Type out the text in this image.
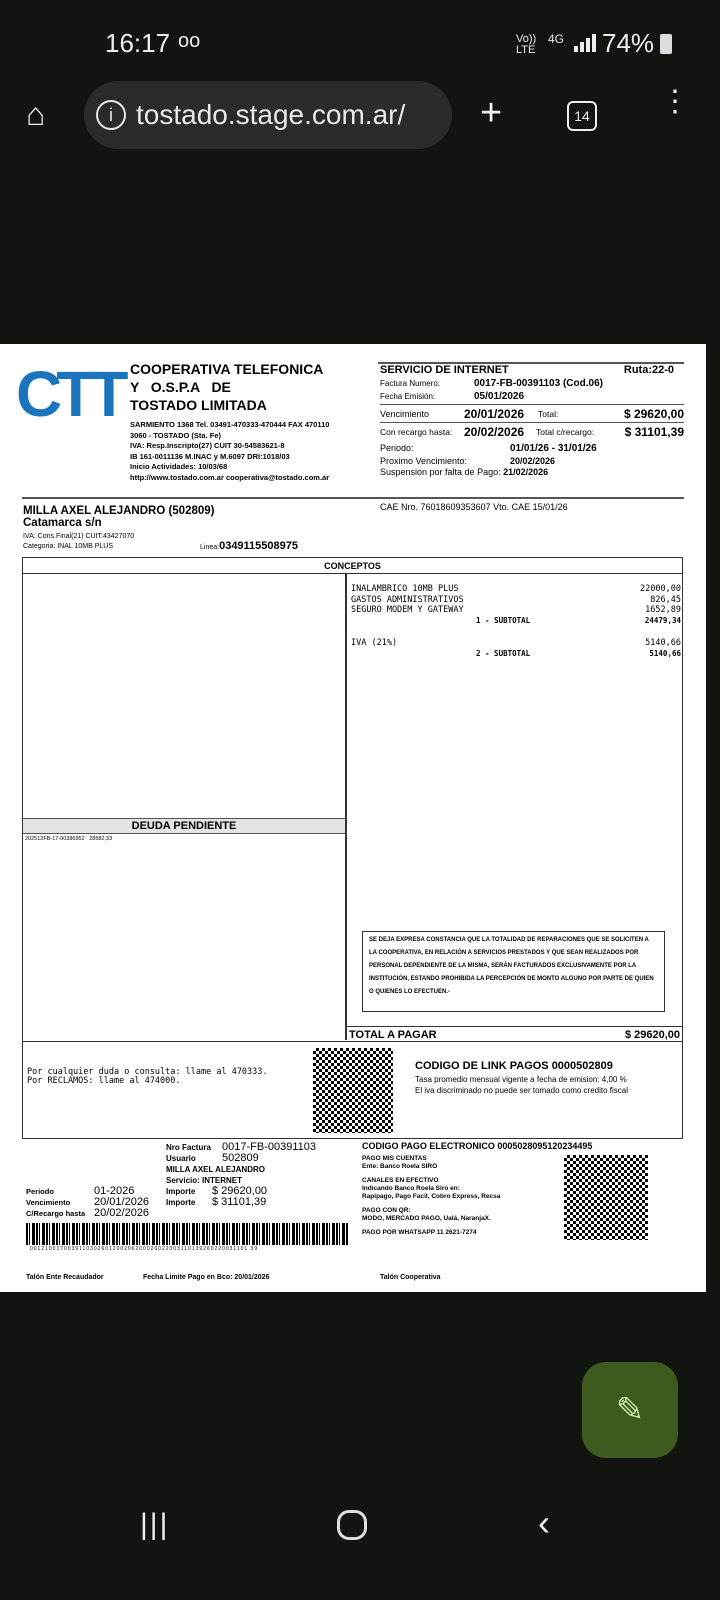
16:17 oo	Vo)) LTE
4G 74%
⌂	i tostado.stage.com.ar/ +	14 ⋮
CTT COOPERATIVA TELEFONICA
Y   O.S.P.A   DE
TOSTADO LIMITADA
SARMIENTO 1368 Tel. 03491-470333-470444 FAX 470110
3060 - TOSTADO (Sta. Fe)
IVA: Resp.Inscripto(27) CUIT 30-54583621-8
IB 161-0011136 M.INAC y M.6097 DRI:1018/03
Inicio Actividades: 10/03/68
http://www.tostado.com.ar cooperativa@tostado.com.ar
SERVICIO DE INTERNET	Ruta:22-0
Factura Numero:	0017-FB-00391103 (Cod.06)
Fecha Emisión:	05/01/2026
Vencimiento	20/01/2026	Total:	$ 29620,00
Con recargo hasta: 20/02/2026	Total c/recargo:	$ 31101,39
Periodo:	01/01/26 - 31/01/26
Proximo Vencimiento:	20/02/2026
Suspension por falta de Pago: 21/02/2026
CAE Nro. 76018609353607 Vto. CAE 15/01/26
MILLA AXEL ALEJANDRO (502809)
Catamarca s/n
IVA: Cons.Final(21) CUIT:43427070
Categoria: INAL 10MB PLUS	Linea:0349115508975
CONCEPTOS
INALAMBRICO 10MB PLUS	22000,00
GASTOS ADMINISTRATIVOS	826,45
SEGURO MODEM Y GATEWAY	1652,89
1 - SUBTOTAL	24479,34
IVA (21%)	5140,66
2 - SUBTOTAL	5140,66
DEUDA PENDIENTE
202512FB-17-00386952 28582,33
SE DEJA EXPRESA CONSTANCIA QUE LA TOTALIDAD DE REPARACIONES QUE SE SOLICITEN A LA COOPERATIVA, EN RELACIÓN A SERVICIOS PRESTADOS Y QUE SEAN REALIZADOS POR PERSONAL DEPENDIENTE DE LA MISMA, SERÁN FACTURADOS EXCLUSIVAMENTE POR LA INSTITUCIÓN, ESTANDO PROHIBIDA LA PERCEPCIÓN DE MONTO ALGUNO POR PARTE DE QUIEN O QUIENES LO EFECTUEN.-
TOTAL A PAGAR	$ 29620,00
Por cualquier duda o consulta: llame al 470333.
Por RECLAMOS: llame al 474000.
CODIGO DE LINK PAGOS 0000502809
Tasa promedio mensual vigente a fecha de emision: 4,00 %
El iva discriminado no puede ser tomado como credito fiscal
Nro Factura 0017-FB-00391103
Usuario 502809
MILLA AXEL ALEJANDRO
Servicio: INTERNET
Importe $ 29620,00
Importe $ 31101,39
Periodo	01-2026
Vencimiento 20/01/2026
C/Recargo hasta 20/02/2026
0012100170039110302601200296200026022003110139260220031101 39
CODIGO PAGO ELECTRONICO 0005028095120234495
PAGO MIS CUENTAS
Ente: Banco Roela SIRO
CANALES EN EFECTIVO
Indicando Banco Roela Siro en:
Rapipago, Pago Facil, Cobro Express, Recsa
PAGO CON QR:
MODO, MERCADO PAGO, Ualá, NaranjaX.
PAGO POR WHATSAPP 11 2621-7274
Talón Ente Recaudador	Fecha Limite Pago en Bco: 20/01/2026	Talón Cooperativa
✎
|||	‹
